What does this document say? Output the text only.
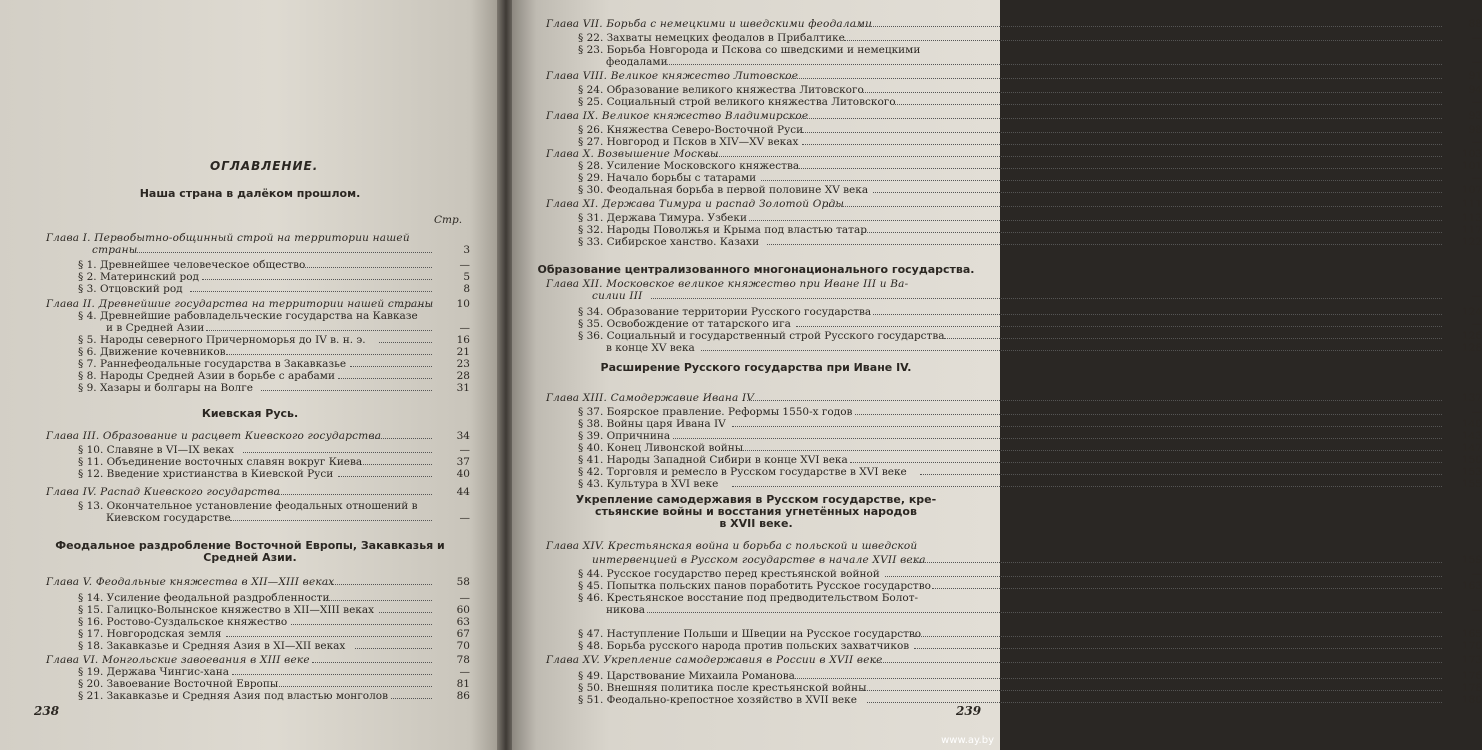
ОГЛАВЛЕНИЕ.
Стр.
Наша страна в далёком прошлом.
Глава I. Первобытно-общинный строй на территории нашей
страны	3
§ 1. Древнейшее человеческое общество	—
§ 2. Материнский род	5
§ 3. Отцовский род	8
Глава II. Древнейшие государства на территории нашей страны	10
§ 4. Древнейшие рабовладельческие государства на Кавказе
и в Средней Азии	—
§ 5. Народы северного Причерноморья до IV в. н. э.	16
§ 6. Движение кочевников	21
§ 7. Раннефеодальные государства в Закавказье	23
§ 8. Народы Средней Азии в борьбе с арабами	28
§ 9. Хазары и болгары на Волге	31
Киевская Русь.
Глава III. Образование и расцвет Киевского государства	34
§ 10. Славяне в VI—IX веках	—
§ 11. Объединение восточных славян вокруг Киева	37
§ 12. Введение христианства в Киевской Руси	40
Глава IV. Распад Киевского государства	44
§ 13. Окончательное установление феодальных отношений в
Киевском государстве	—
Феодальное раздробление Восточной Европы, Закавказья и
Средней Азии.
Глава V. Феодальные княжества в XII—XIII веках	58
§ 14. Усиление феодальной раздробленности	—
§ 15. Галицко-Волынское княжество в XII—XIII веках	60
§ 16. Ростово-Суздальское княжество	63
§ 17. Новгородская земля	67
§ 18. Закавказье и Средняя Азия в XI—XII веках	70
Глава VI. Монгольские завоевания в XIII веке	78
§ 19. Держава Чингис-хана	—
§ 20. Завоевание Восточной Европы	81
§ 21. Закавказье и Средняя Азия под властью монголов	86
238
Глава VII. Борьба с немецкими и шведскими феодалами	88
§ 22. Захваты немецких феодалов в Прибалтике	—
§ 23. Борьба Новгорода и Пскова со шведскими и немецкими
феодалами	—
Глава VIII. Великое княжество Литовское	91
§ 24. Образование великого княжества Литовского	94
§ 25. Социальный строй великого княжества Литовского	—
Глава IX. Великое княжество Владимирское	93
§ 26. Княжества Северо-Восточной Руси	98
§ 27. Новгород и Псков в XIV—XV веках	—
Глава X. Возвышение Москвы	103
§ 28. Усиление Московского княжества	101
§ 29. Начало борьбы с татарами	—
§ 30. Феодальная борьба в первой половине XV века	107
Глава XI. Держава Тимура и распад Золотой Орды	111
§ 31. Держава Тимура. Узбеки	113
§ 32. Народы Поволжья и Крыма под властью татар	117
§ 33. Сибирское ханство. Казахи	122
Образование централизованного многонационального государства.
Глава XII. Московское великое княжество при Иване III и Ва-
силии III	—
§ 34. Образование территории Русского государства	124
§ 35. Освобождение от татарского ига	—
§ 36. Социальный и государственный строй Русского государства	126
в конце XV века	128
Расширение Русского государства при Иване IV.
Глава XIII. Самодержавие Ивана IV	137
§ 37. Боярское правление. Реформы 1550-х годов	—
§ 38. Войны царя Ивана IV	140
§ 39. Опричнина	143
§ 40. Конец Ливонской войны	147
§ 41. Народы Западной Сибири в конце XVI века	150
§ 42. Торговля и ремесло в Русском государстве в XVI веке	153
§ 43. Культура в XVI веке	155
Укрепление самодержавия в Русском государстве, кре-
стьянские войны и восстания угнетённых народов
в XVII веке.
Глава XIV. Крестьянская война и борьба с польской и шведской
интервенцией в Русском государстве в начале XVII века	159
§ 44. Русское государство перед крестьянской войной	—
§ 45. Попытка польских панов поработить Русское государство	163
§ 46. Крестьянское восстание под предводительством Болот-
никова	—
§ 47. Наступление Польши и Швеции на Русское государство	165
§ 48. Борьба русского народа против польских захватчиков	170
Глава XV. Укрепление самодержавия в России в XVII веке	173
§ 49. Царствование Михаила Романова	176
§ 50. Внешняя политика после крестьянской войны	178
§ 51. Феодально-крепостное хозяйство в XVII веке	180
239
www.ay.by
